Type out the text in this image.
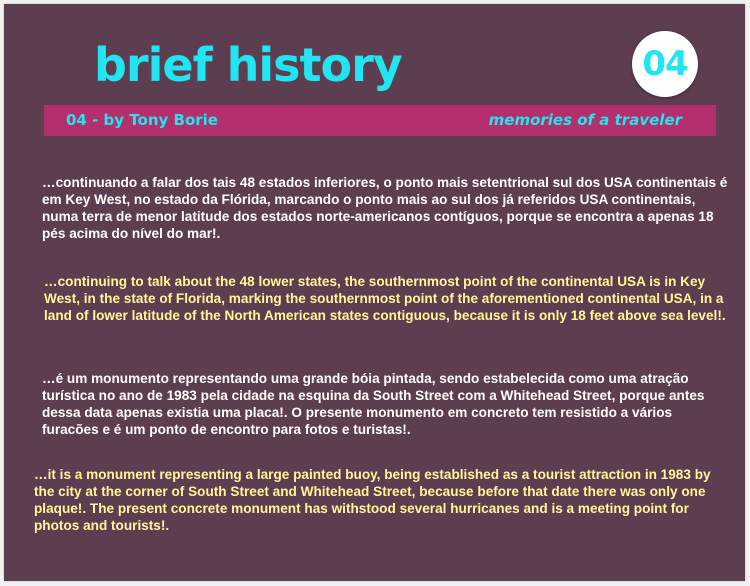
brief history	04
04 - by Tony Borie	memories of a traveler

…continuando a falar dos tais 48 estados inferiores, o ponto mais setentrional sul dos USA continentais é em Key West, no estado da Flórida, marcando o ponto mais ao sul dos já referidos USA continentais, numa terra de menor latitude dos estados norte-americanos contíguos, porque se encontra a apenas 18 pés acima do nível do mar!.

…continuing to talk about the 48 lower states, the southernmost point of the continental USA is in Key West, in the state of Florida, marking the southernmost point of the aforementioned continental USA, in a land of lower latitude of the North American states contiguous, because it is only 18 feet above sea level!.

…é um monumento representando uma grande bóia pintada, sendo estabelecida como uma atração turística no ano de 1983 pela cidade na esquina da South Street com a Whitehead Street, porque antes dessa data apenas existia uma placa!. O presente monumento em concreto tem resistido a vários furacões e é um ponto de encontro para fotos e turistas!.

…it is a monument representing a large painted buoy, being established as a tourist attraction in 1983 by the city at the corner of South Street and Whitehead Street, because before that date there was only one plaque!. The present concrete monument has withstood several hurricanes and is a meeting point for photos and tourists!.
